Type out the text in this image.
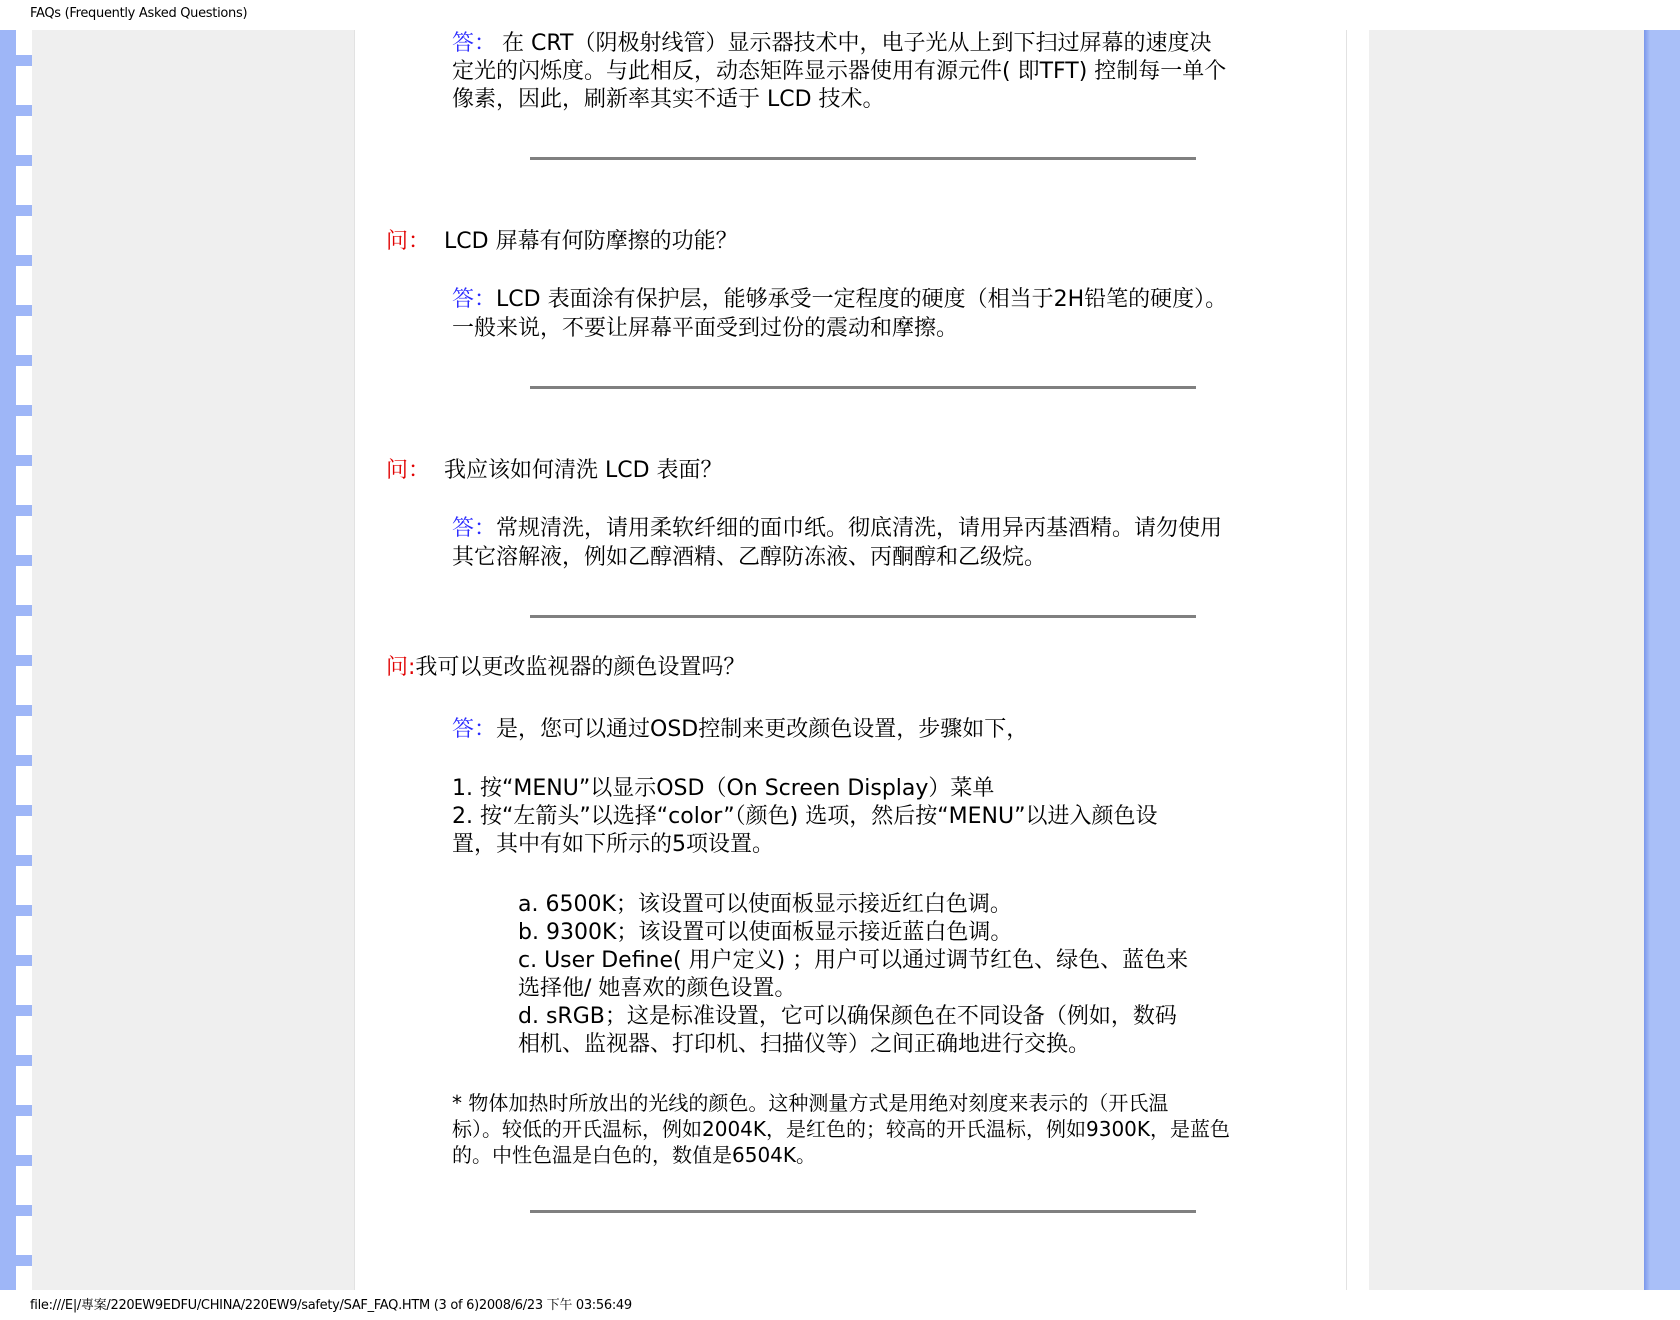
FAQs (Frequently Asked Questions)
答： 在 CRT（阴极射线管）显示器技术中，电子光从上到下扫过屏幕的速度决
定光的闪烁度。与此相反，动态矩阵显示器使用有源元件( 即TFT) 控制每一单个
像素，因此，刷新率其实不适于 LCD 技术。
问： LCD 屏幕有何防摩擦的功能？
答：LCD 表面涂有保护层，能够承受一定程度的硬度（相当于2H铅笔的硬度）。
一般来说，不要让屏幕平面受到过份的震动和摩擦。
问： 我应该如何清洗 LCD 表面？
答：常规清洗，请用柔软纤细的面巾纸。彻底清洗，请用异丙基酒精。请勿使用
其它溶解液，例如乙醇酒精、乙醇防冻液、丙酮醇和乙级烷。
问:我可以更改监视器的颜色设置吗？
答：是，您可以通过OSD控制来更改颜色设置，步骤如下，
1. 按“MENU”以显示OSD（On Screen Display）菜单
2. 按“左箭头”以选择“color”（颜色) 选项，然后按“MENU”以进入颜色设
置，其中有如下所示的5项设置。
a. 6500K；该设置可以使面板显示接近红白色调。
b. 9300K；该设置可以使面板显示接近蓝白色调。
c. User Define( 用户定义) ；用户可以通过调节红色、绿色、蓝色来
选择他/ 她喜欢的颜色设置。
d. sRGB；这是标准设置，它可以确保颜色在不同设备（例如，数码
相机、监视器、打印机、扫描仪等）之间正确地进行交换。
* 物体加热时所放出的光线的颜色。这种测量方式是用绝对刻度来表示的（开氏温
标）。较低的开氏温标，例如2004K，是红色的；较高的开氏温标，例如9300K，是蓝色
的。中性色温是白色的，数值是6504K。
file:///E|/專案/220EW9EDFU/CHINA/220EW9/safety/SAF_FAQ.HTM (3 of 6)2008/6/23 下午 03:56:49
